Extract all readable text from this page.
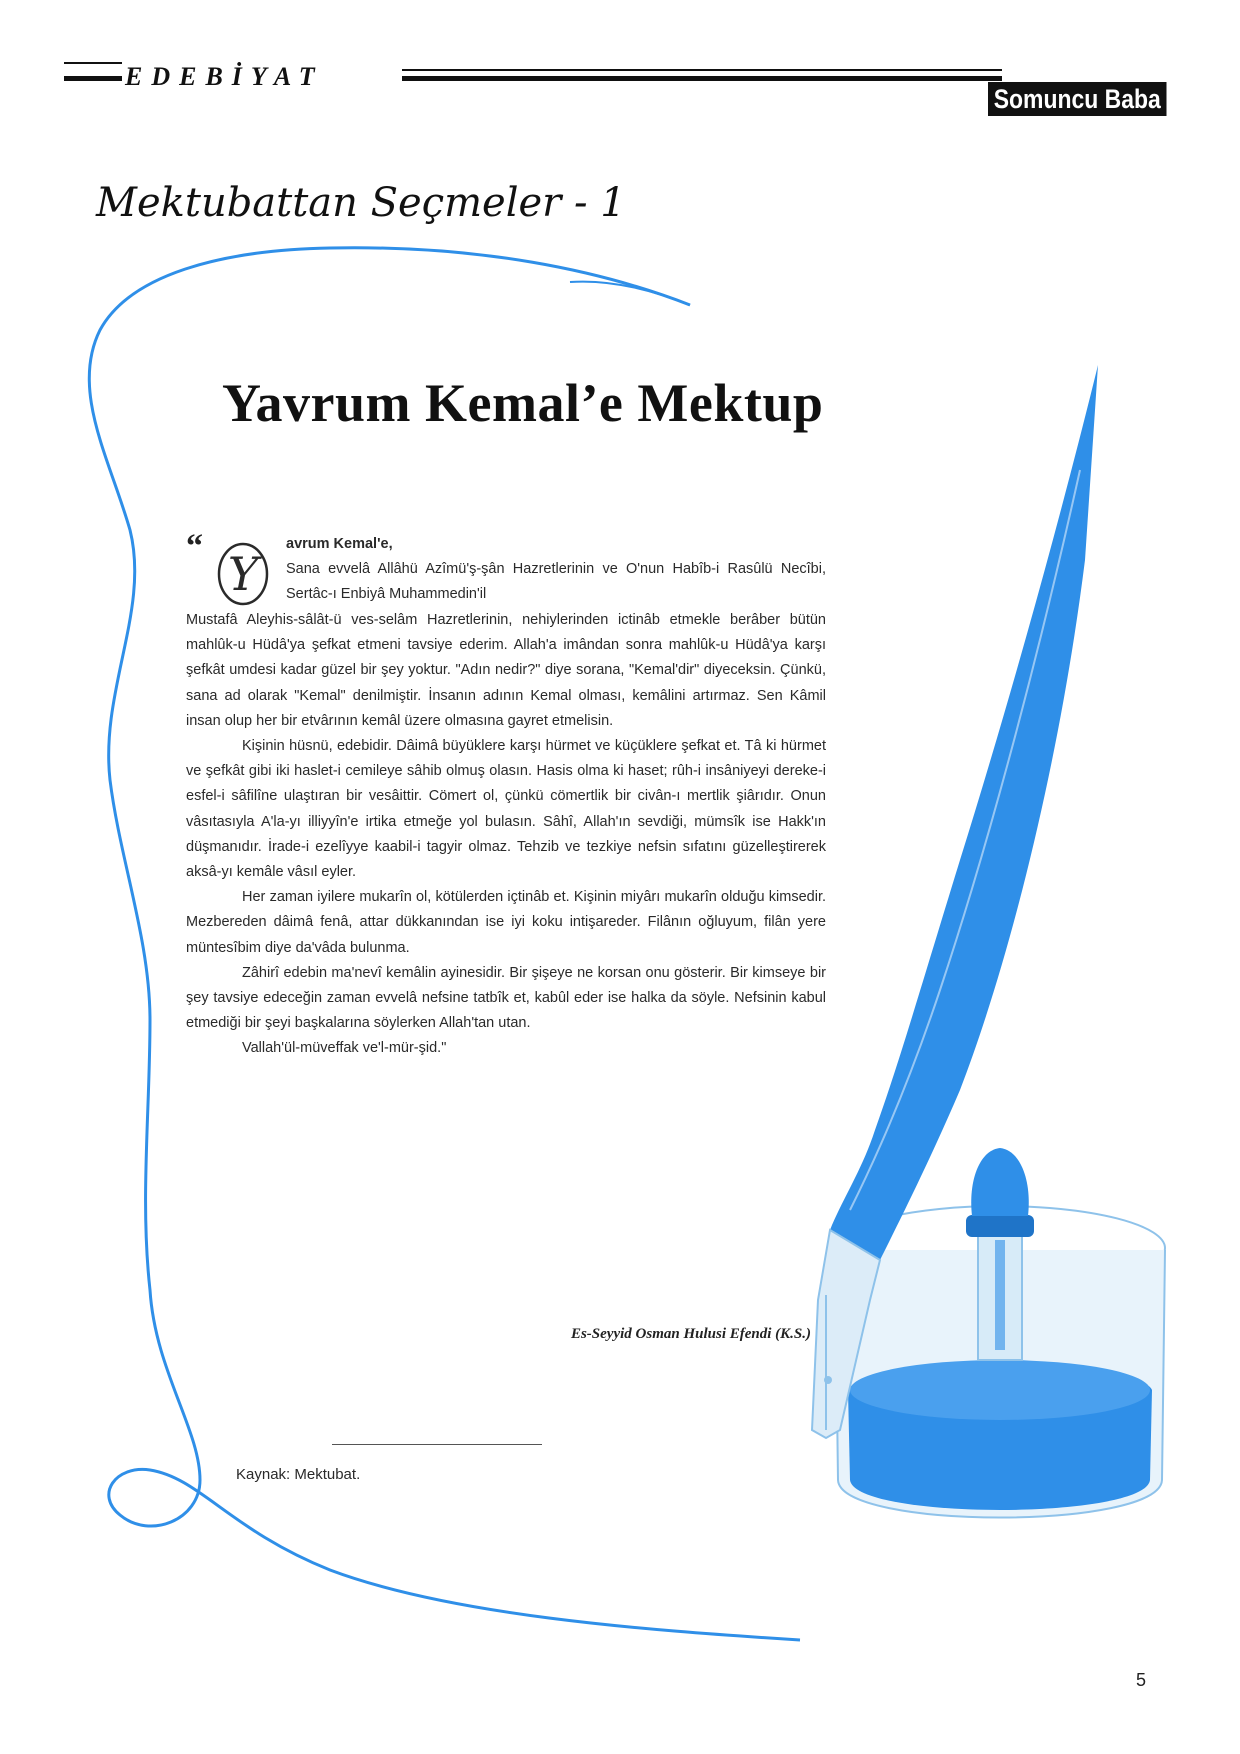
EDEBİYAT
Somuncu Baba
Mektubattan Seçmeler - 1
Yavrum Kemal’e Mektup
“
Y
avrum Kemal'e,
Sana evvelâ Allâhü Azîmü'ş-şân Hazretlerinin ve O'nun Habîb-i Rasûlü Necîbi, Sertâc-ı Enbiyâ Muhammedin'il

Mustafâ Aleyhis-sâlât-ü ves-selâm Hazretlerinin, nehiylerinden ictinâb etmekle berâber bütün mahlûk-u Hüdâ'ya şefkat etmeni tavsiye ederim. Allah'a imândan sonra mahlûk-u Hüdâ'ya karşı şefkât umdesi kadar güzel bir şey yoktur. "Adın nedir?" diye sorana, "Kemal'dir" diyeceksin. Çünkü, sana ad olarak "Kemal" denilmiştir. İnsanın adının Kemal olması, kemâlini artırmaz. Sen Kâmil insan olup her bir etvârının kemâl üzere olmasına gayret etmelisin.

Kişinin hüsnü, edebidir. Dâimâ büyüklere karşı hürmet ve küçüklere şefkat et. Tâ ki hürmet ve şefkât gibi iki haslet-i cemileye sâhib olmuş olasın. Hasis olma ki haset; rûh-i insâniyeyi dereke-i esfel-i sâfilîne ulaştıran bir vesâittir. Cömert ol, çünkü cömertlik bir civân-ı mertlik şiârıdır. Onun vâsıtasıyla A'la-yı illiyyîn'e irtika etmeğe yol bulasın. Sâhî, Allah'ın sevdiği, mümsîk ise Hakk'ın düşmanıdır. İrade-i ezelîyye kaabil-i tagyir olmaz. Tehzib ve tezkiye nefsin sıfatını güzelleştirerek aksâ-yı kemâle vâsıl eyler.

Her zaman iyilere mukarîn ol, kötülerden içtinâb et. Kişinin miyârı mukarîn olduğu kimsedir. Mezbereden dâimâ fenâ, attar dükkanından ise iyi koku intişareder. Filânın oğluyum, filân yere müntesîbim diye da'vâda bulunma.

Zâhirî edebin ma'nevî kemâlin ayinesidir. Bir şişeye ne korsan onu gösterir. Bir kimseye bir şey tavsiye edeceğin zaman evvelâ nefsine tatbîk et, kabûl eder ise halka da söyle. Nefsinin kabul etmediği bir şeyi başkalarına söylerken Allah'tan utan.

Vallah'ül-müveffak ve'l-mür-şid."

Es-Seyyid Osman Hulusi Efendi (K.S.)
Kaynak: Mektubat.
5
